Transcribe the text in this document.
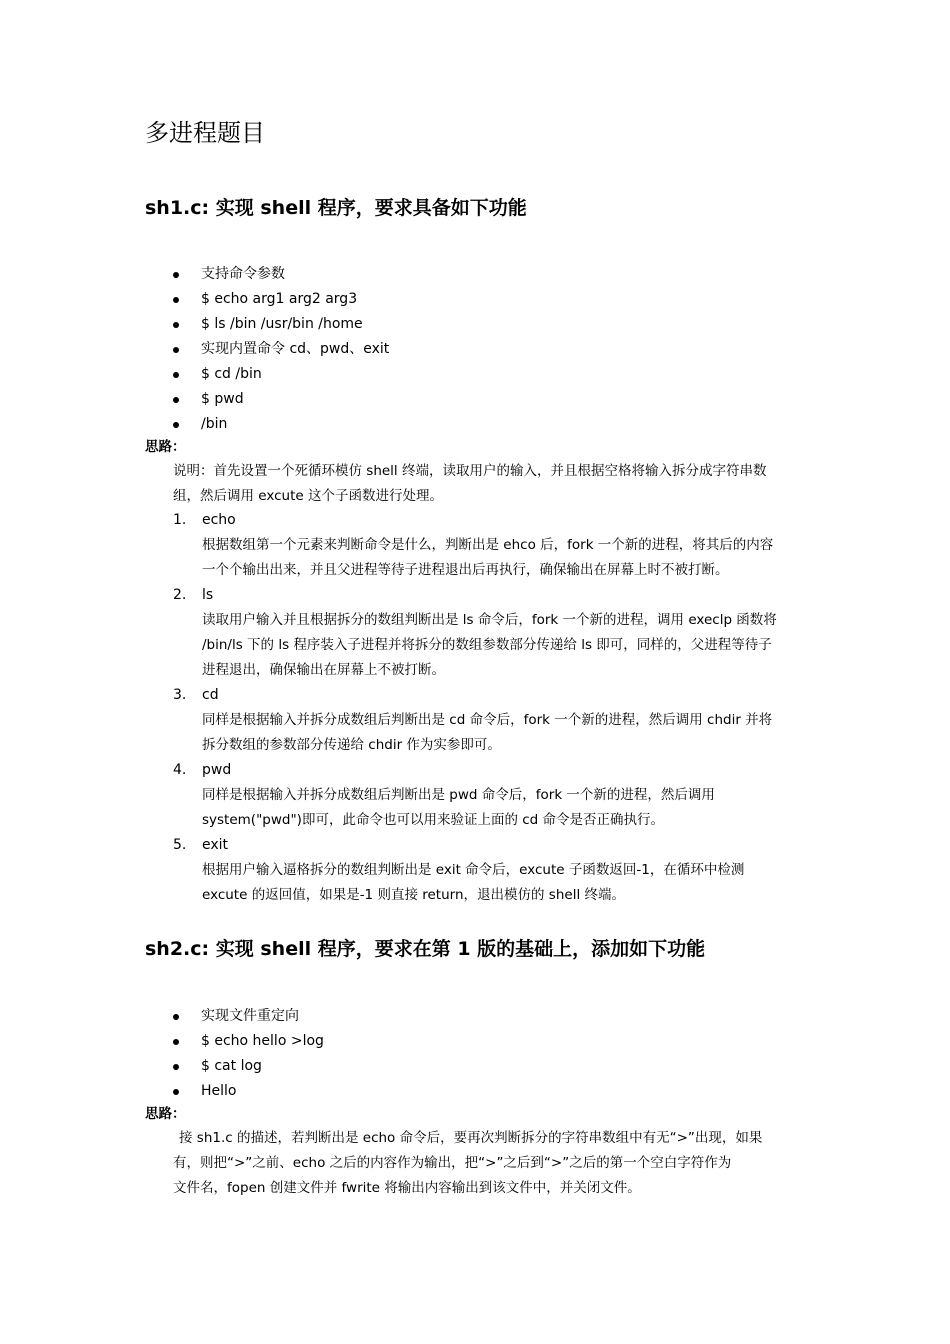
多进程题目
sh1.c: 实现 shell 程序，要求具备如下功能
支持命令参数
$ echo arg1 arg2 arg3
$ ls /bin /usr/bin /home
实现内置命令 cd、pwd、exit
$ cd /bin
$ pwd
/bin
思路：

说明：首先设置一个死循环模仿 shell 终端，读取用户的输入，并且根据空格将输入拆分成字符串数
组，然后调用 excute 这个子函数进行处理。

1.	echo
根据数组第一个元素来判断命令是什么，判断出是 ehco 后，fork 一个新的进程，将其后的内容
一个个输出出来，并且父进程等待子进程退出后再执行，确保输出在屏幕上时不被打断。
2.	ls
读取用户输入并且根据拆分的数组判断出是 ls 命令后，fork 一个新的进程，调用 execlp 函数将
/bin/ls 下的 ls 程序装入子进程并将拆分的数组参数部分传递给 ls 即可，同样的，父进程等待子
进程退出，确保输出在屏幕上不被打断。
3.	cd
同样是根据输入并拆分成数组后判断出是 cd 命令后，fork 一个新的进程，然后调用 chdir 并将
拆分数组的参数部分传递给 chdir 作为实参即可。
4.	pwd
同样是根据输入并拆分成数组后判断出是 pwd 命令后，fork 一个新的进程，然后调用
system("pwd")即可，此命令也可以用来验证上面的 cd 命令是否正确执行。
5.	exit
根据用户输入逼格拆分的数组判断出是 exit 命令后，excute 子函数返回-1，在循环中检测
excute 的返回值，如果是-1 则直接 return，退出模仿的 shell 终端。
sh2.c: 实现 shell 程序，要求在第 1 版的基础上，添加如下功能
实现文件重定向
$ echo hello >log
$ cat log
Hello
思路：

接 sh1.c 的描述，若判断出是 echo 命令后，要再次判断拆分的字符串数组中有无“>”出现，如果
有，则把“>”之前、echo 之后的内容作为输出，把“>”之后到“>”之后的第一个空白字符作为
文件名，fopen 创建文件并 fwrite 将输出内容输出到该文件中，并关闭文件。
